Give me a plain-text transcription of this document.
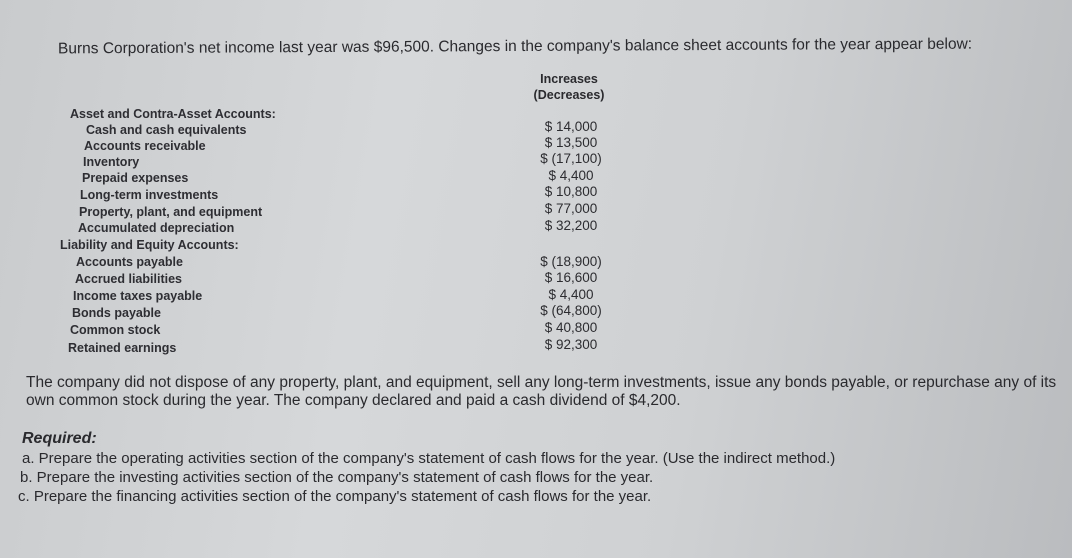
Burns Corporation's net income last year was $96,500. Changes in the company's balance sheet accounts for the year appear below:
Increases
(Decreases)
Asset and Contra-Asset Accounts:
Cash and cash equivalents
Accounts receivable
Inventory
Prepaid expenses
Long-term investments
Property, plant, and equipment
Accumulated depreciation
$ 14,000
$ 13,500
$ (17,100)
$ 4,400
$ 10,800
$ 77,000
$ 32,200
Liability and Equity Accounts:
Accounts payable
Accrued liabilities
Income taxes payable
Bonds payable
Common stock
Retained earnings
$ (18,900)
$ 16,600
$ 4,400
$ (64,800)
$ 40,800
$ 92,300
The company did not dispose of any property, plant, and equipment, sell any long-term investments, issue any bonds payable, or repurchase any of its own common stock during the year. The company declared and paid a cash dividend of $4,200.
Required:
a. Prepare the operating activities section of the company's statement of cash flows for the year. (Use the indirect method.)
b. Prepare the investing activities section of the company's statement of cash flows for the year.
c. Prepare the financing activities section of the company's statement of cash flows for the year.
